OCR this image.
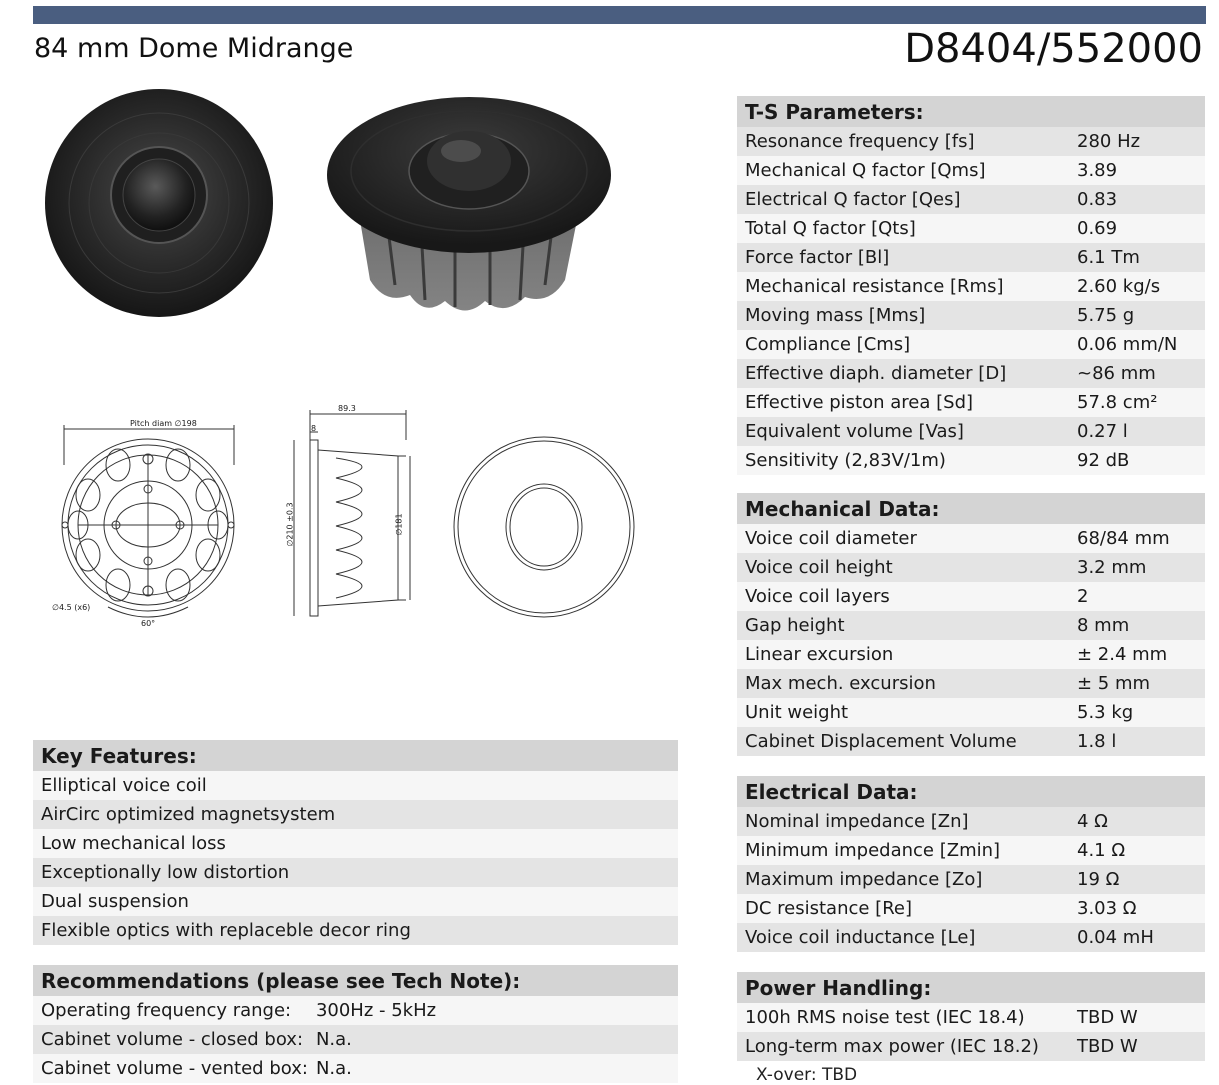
84 mm Dome Midrange	D8404/552000
Pitch diam ∅198
∅4.5 (x6)
60°
89.3
8
∅210 ±0.3	∅181
T-S Parameters:	
Resonance frequency [fs]	280 Hz
Mechanical Q factor [Qms]	3.89
Electrical Q factor [Qes]	0.83
Total Q factor [Qts]	0.69
Force factor [Bl]	6.1 Tm
Mechanical resistance [Rms]	2.60 kg/s
Moving mass [Mms]	5.75 g
Compliance [Cms]	0.06 mm/N
Effective diaph. diameter [D]	~86 mm
Effective piston area [Sd]	57.8 cm²
Equivalent volume [Vas]	0.27 l
Sensitivity (2,83V/1m)	92 dB
Mechanical Data:	
Voice coil diameter	68/84 mm
Voice coil height	3.2 mm
Voice coil layers	2
Gap height	8 mm
Linear excursion	± 2.4 mm
Max mech. excursion	± 5 mm
Unit weight	5.3 kg
Cabinet Displacement Volume	1.8 l
Electrical Data:	
Nominal impedance [Zn]	4 Ω
Minimum impedance [Zmin]	4.1 Ω
Maximum impedance [Zo]	19 Ω
DC resistance [Re]	3.03 Ω
Voice coil inductance [Le]	0.04 mH
Power Handling:	
100h RMS noise test (IEC 18.4)	TBD W
Long-term max power (IEC 18.2)	TBD W
X-over: TBD
Key Features:
Elliptical voice coil
AirCirc optimized magnetsystem
Low mechanical loss
Exceptionally low distortion
Dual suspension
Flexible optics with replaceble decor ring
Recommendations (please see Tech Note):	
Operating frequency range:	300Hz - 5kHz
Cabinet volume - closed box:	N.a.
Cabinet volume - vented box:	N.a.
